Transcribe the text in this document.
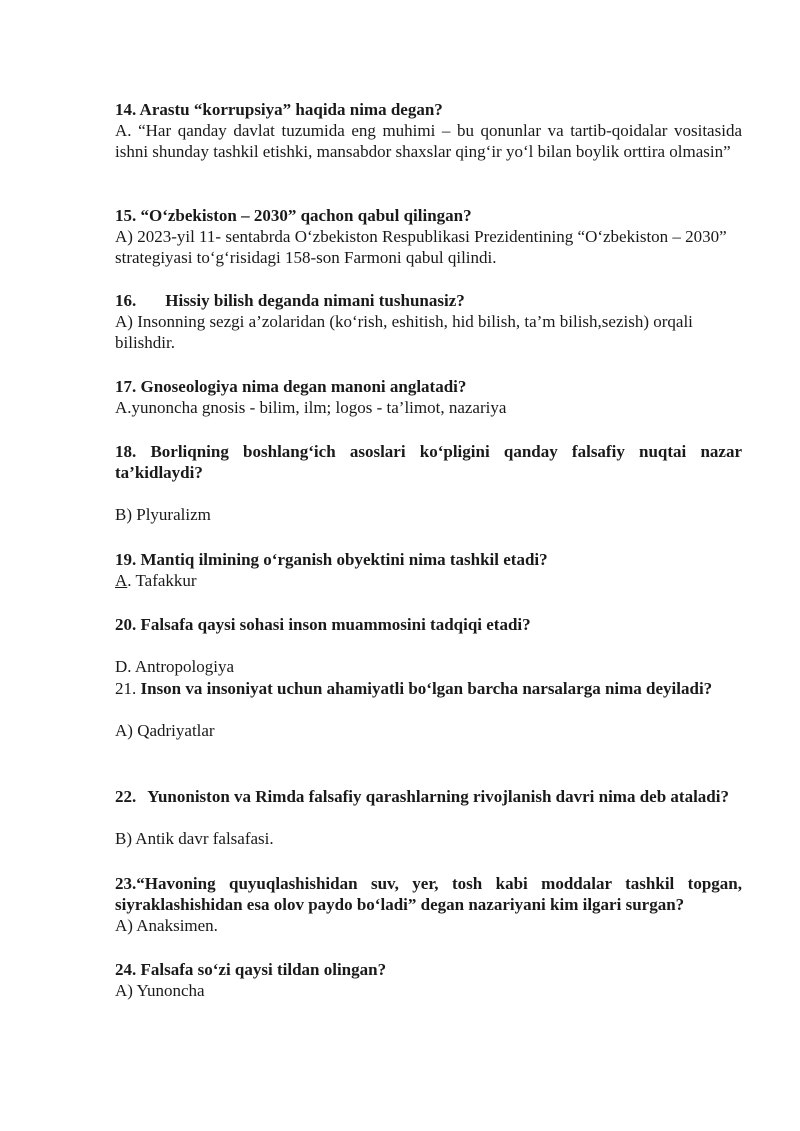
14. Arastu “korrupsiya” haqida nima degan?

A. “Har qanday davlat tuzumida eng muhimi – bu qonunlar va tartib-qoidalar vositasida ishni shunday tashkil etishki, mansabdor shaxslar qing‘ir yo‘l bilan boylik orttira olmasin”

15. “O‘zbekiston – 2030” qachon qabul qilingan?

A) 2023-yil 11- sentabrda O‘zbekiston Respublikasi Prezidentining “O‘zbekiston – 2030” strategiyasi to‘g‘risidagi 158-son Farmoni qabul qilindi.

16. Hissiy bilish deganda nimani tushunasiz?

A) Insonning sezgi a’zolaridan (ko‘rish, eshitish, hid bilish, ta’m bilish,sezish) orqali bilishdir.

17. Gnoseologiya nima degan manoni anglatadi?

A.yunoncha gnosis - bilim, ilm; logos - ta’limot, nazariya

18. Borliqning boshlang‘ich asoslari ko‘pligini qanday falsafiy nuqtai nazar ta’kidlaydi?

B) Plyuralizm

19. Mantiq ilmining o‘rganish obyektini nima tashkil etadi?

A. Tafakkur

20. Falsafa qaysi sohasi inson muammosini tadqiqi etadi?

D. Antropologiya

21. Inson va insoniyat uchun ahamiyatli bo‘lgan barcha narsalarga nima deyiladi?

A) Qadriyatlar

22. Yunoniston va Rimda falsafiy qarashlarning rivojlanish davri nima deb ataladi?

B) Antik davr falsafasi.

23.“Havoning quyuqlashishidan suv, yer, tosh kabi moddalar tashkil topgan, siyraklashishidan esa olov paydo bo‘ladi” degan nazariyani kim ilgari surgan?

A) Anaksimen.

24. Falsafa so‘zi qaysi tildan olingan?

A) Yunoncha
